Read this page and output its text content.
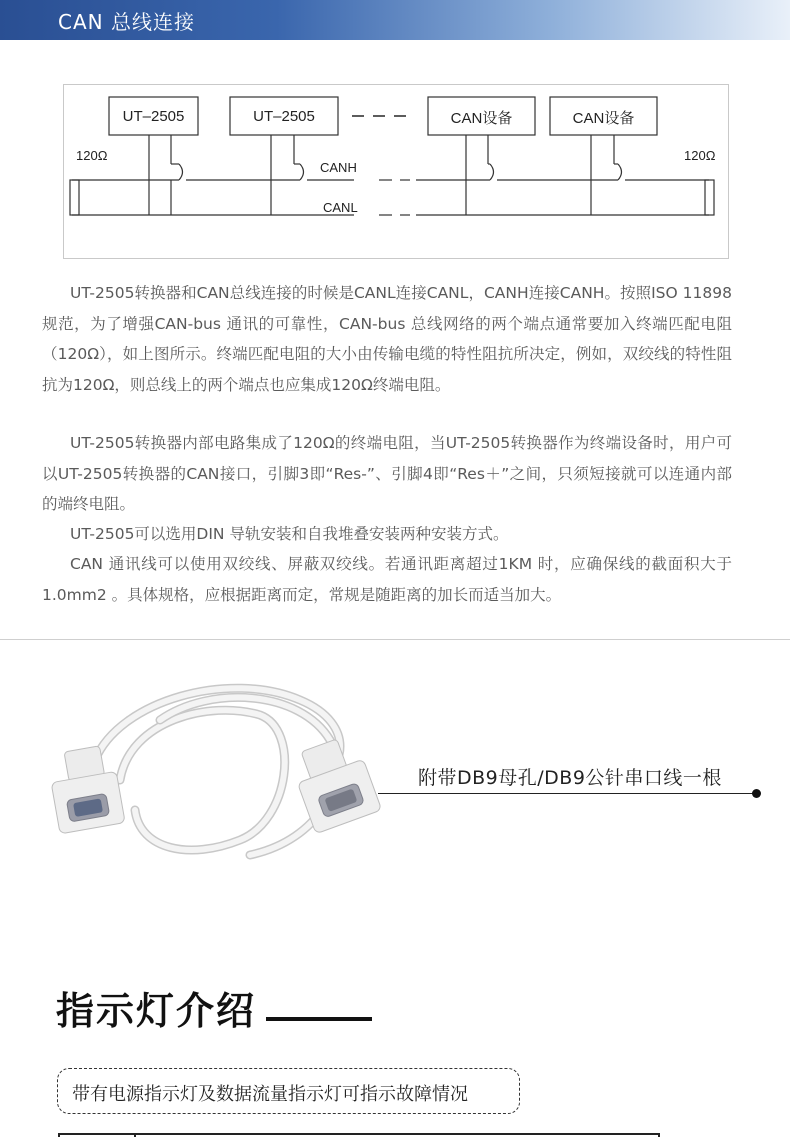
CAN 总线连接
UT–2505	UT–2505	CAN设备	CAN设备
120Ω	120Ω
CANH
CANL
UT-2505转换器和CAN总线连接的时候是CANL连接CANL，CANH连接CANH。按照ISO 11898规范，为了增强CAN-bus 通讯的可靠性，CAN-bus 总线网络的两个端点通常要加入终端匹配电阻（120Ω），如上图所示。终端匹配电阻的大小由传输电缆的特性阻抗所决定，例如，双绞线的特性阻抗为120Ω，则总线上的两个端点也应集成120Ω终端电阻。
UT-2505转换器内部电路集成了120Ω的终端电阻，当UT-2505转换器作为终端设备时，用户可以UT-2505转换器的CAN接口，引脚3即“Res-”、引脚4即“Res＋”之间，只须短接就可以连通内部的端终电阻。
UT-2505可以选用DIN 导轨安装和自我堆叠安装两种安装方式。
CAN 通讯线可以使用双绞线、屏蔽双绞线。若通讯距离超过1KM 时，应确保线的截面积大于1.0mm2 。具体规格，应根据距离而定，常规是随距离的加长而适当加大。
附带DB9母孔/DB9公针串口线一根
指示灯介绍
带有电源指示灯及数据流量指示灯可指示故障情况
